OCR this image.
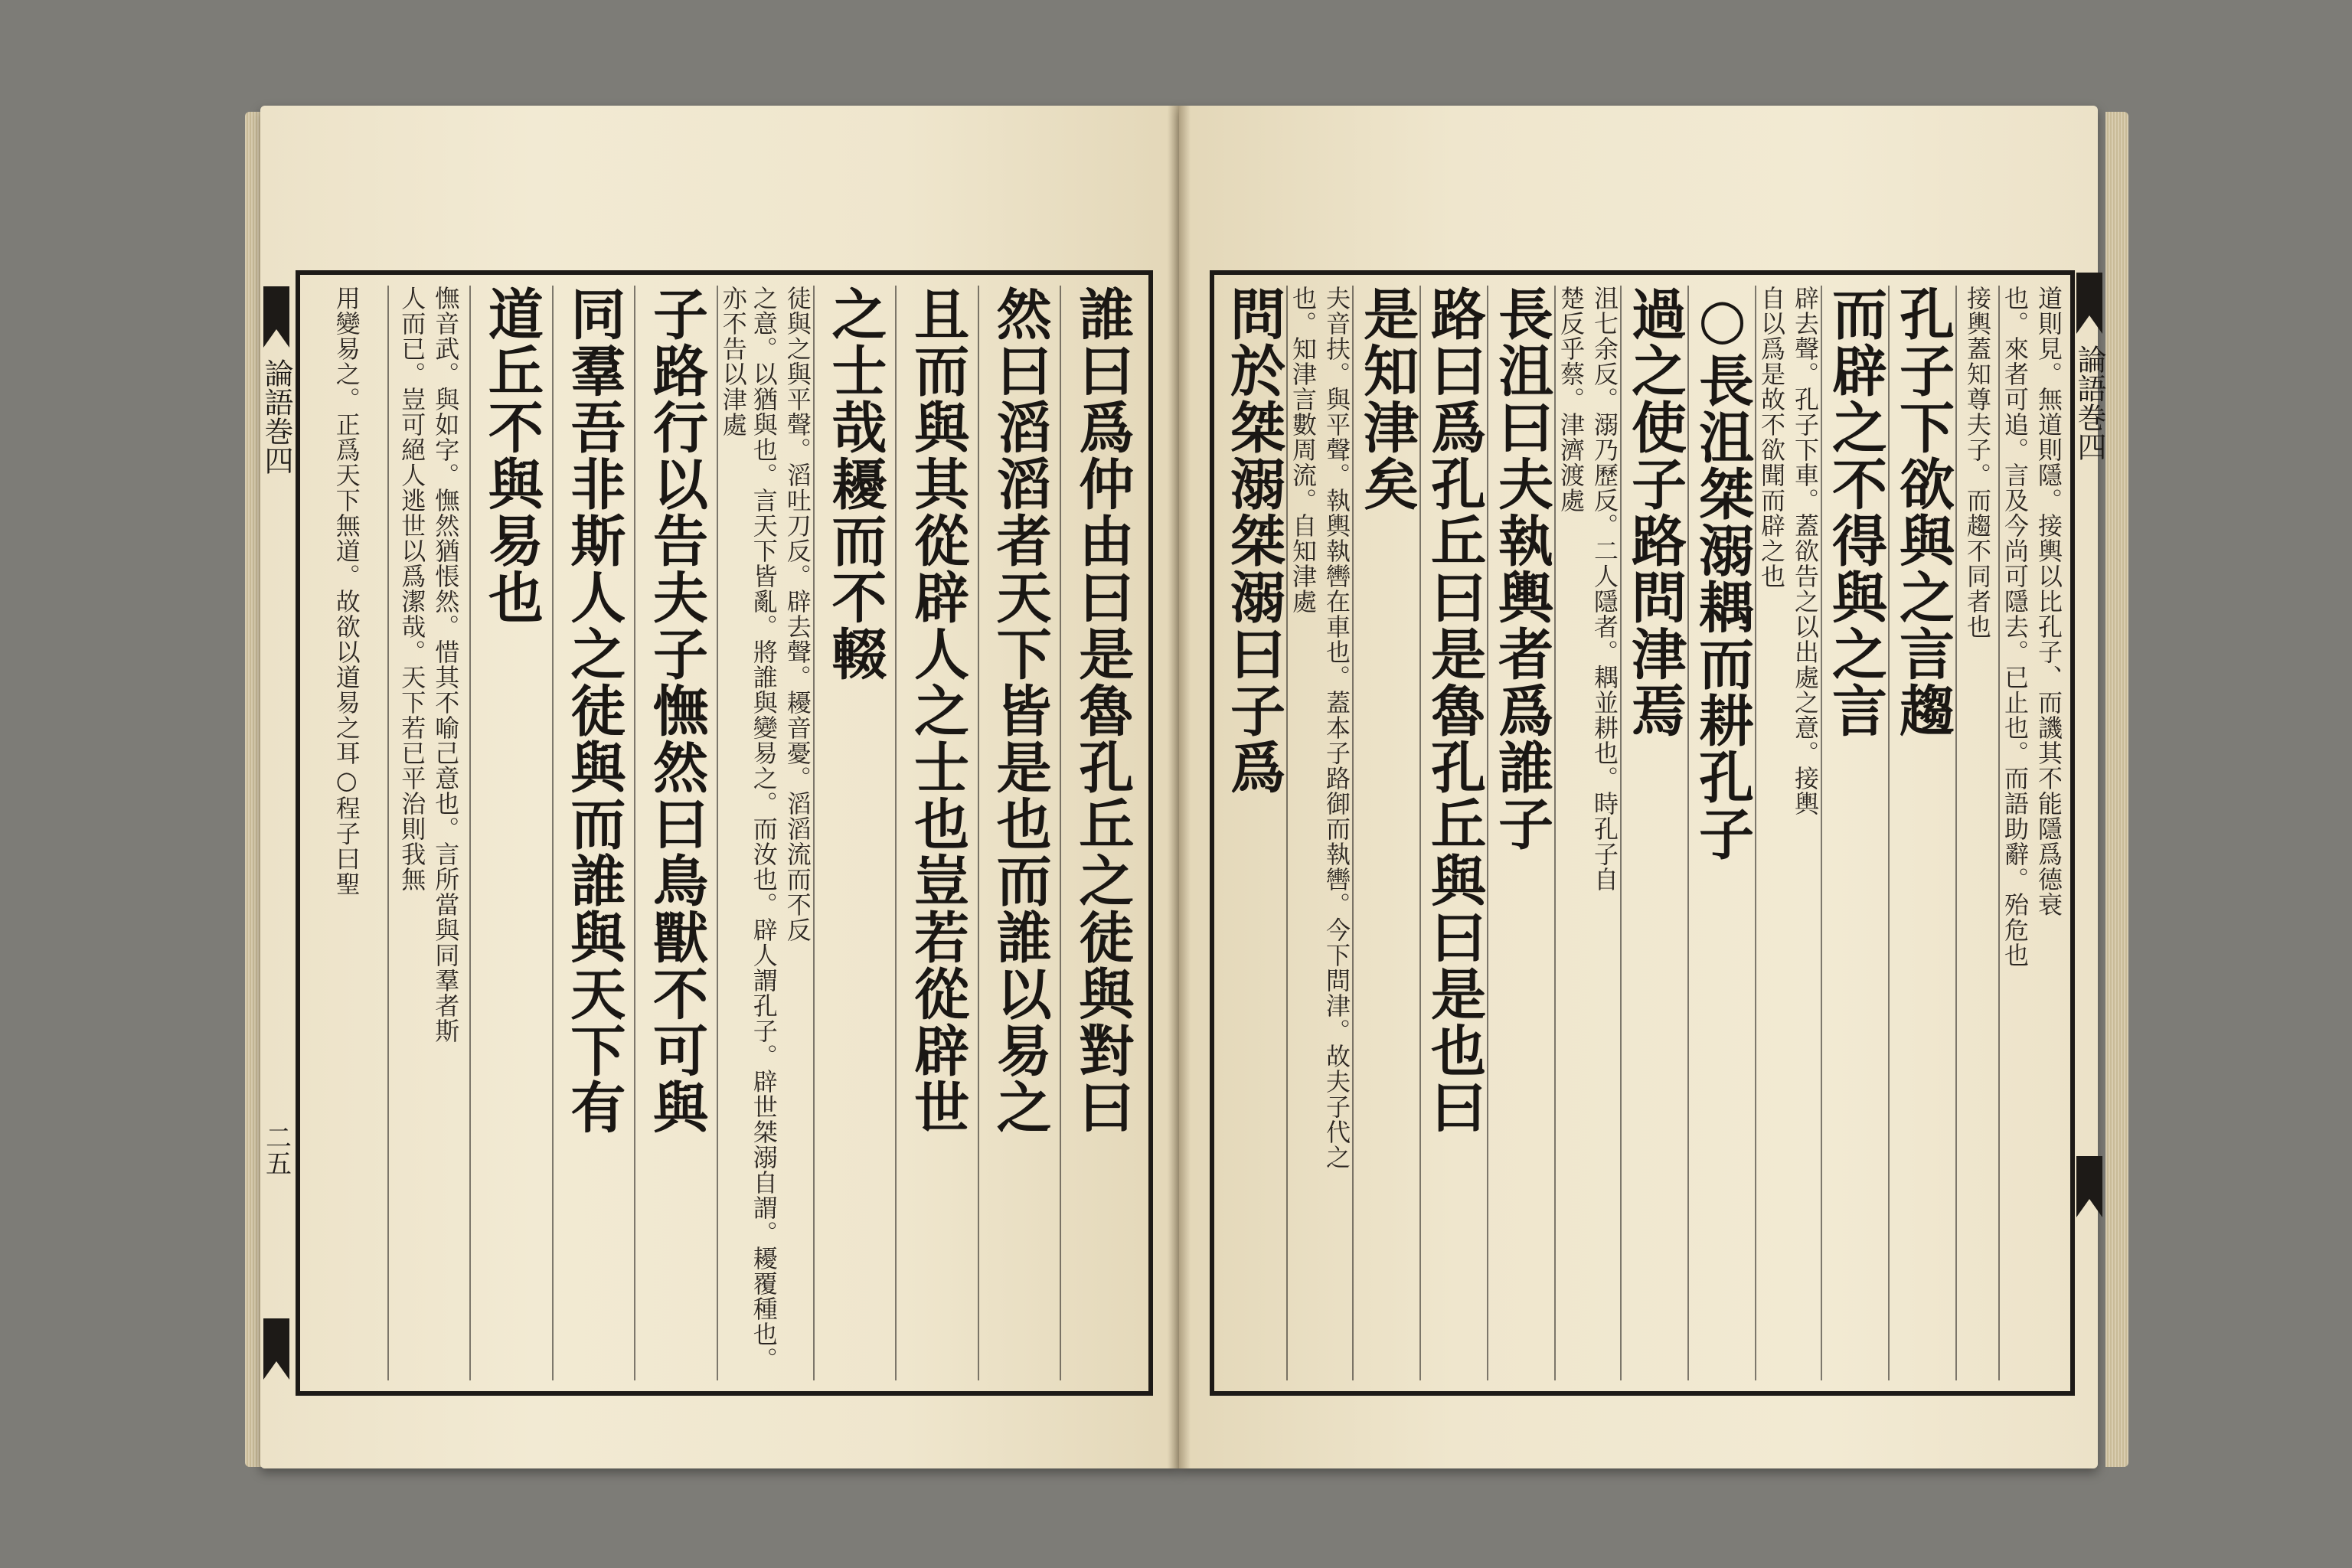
誰曰爲仲由曰是魯孔丘之徒與對曰
然曰滔滔者天下皆是也而誰以易之
且而與其從辟人之士也豈若從辟世
之士哉耰而不輟
徒與之與平聲。滔吐刀反。辟去聲。耰音憂。滔滔流而不反
之意。以猶與也。言天下皆亂。將誰與變易之。而汝也。辟人謂孔子。辟世桀溺自謂。耰覆種也。亦不告以津處
子路行以告夫子憮然曰鳥獸不可與
同羣吾非斯人之徒與而誰與天下有
道丘不與易也
憮音武。與如字。憮然猶悵然。惜其不喻己意也。言所當與同羣者斯
人而已。豈可絕人逃世以爲潔哉。天下若已平治則我無
用變易之。正爲天下無道。故欲以道易之耳○程子曰聖
論語巻四
二五
道則見。無道則隱。接輿以比孔子、而譏其不能隱爲德衰
也。來者可追。言及今尚可隱去。已止也。而語助辭。殆危也
接輿蓋知尊夫子。而趨不同者也
孔子下欲與之言趨
而辟之不得與之言
辟去聲。孔子下車。蓋欲告之以出處之意。接輿
自以爲是故不欲聞而辟之也
○長沮桀溺耦而耕孔子
過之使子路問津焉
沮七余反。溺乃歷反。二人隱者。耦並耕也。時孔子自
楚反乎蔡。津濟渡處
長沮曰夫執輿者爲誰子
路曰爲孔丘曰是魯孔丘與曰是也曰
是知津矣
夫音扶。與平聲。執輿執轡在車也。蓋本子路御而執轡。今下問津。故夫子代之
也。知津言數周流。自知津處
問於桀溺桀溺曰子爲	論語巻四
